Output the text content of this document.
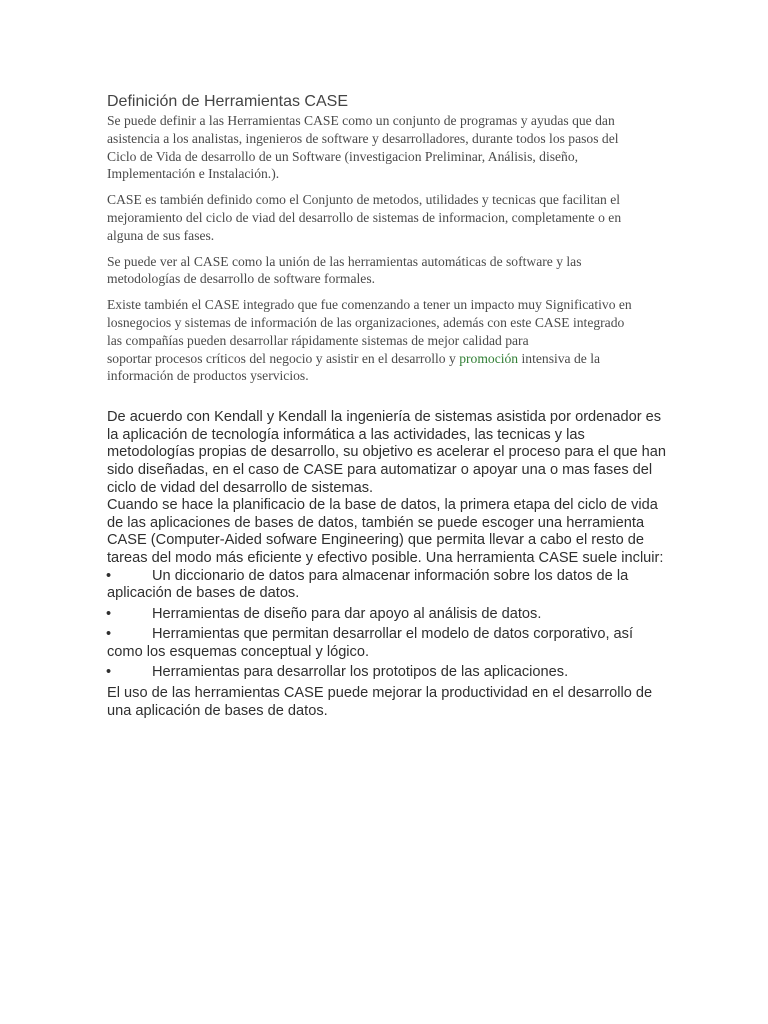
Definición de Herramientas CASE

Se puede definir a las Herramientas CASE como un conjunto de programas y ayudas que dan
asistencia a los analistas, ingenieros de software y desarrolladores, durante todos los pasos del
Ciclo de Vida de desarrollo de un Software (investigacion Preliminar, Análisis, diseño,
Implementación e Instalación.).

CASE es también definido como el Conjunto de metodos, utilidades y tecnicas que facilitan el
mejoramiento del ciclo de viad del desarrollo de sistemas de informacion, completamente o en
alguna de sus fases.

Se puede ver al CASE como la unión de las herramientas automáticas de software y las
metodologías de desarrollo de software formales.

Existe también el CASE integrado que fue comenzando a tener un impacto muy Significativo en
losnegocios y sistemas de información de las organizaciones, además con este CASE integrado
las compañías pueden desarrollar rápidamente sistemas de mejor calidad para
soportar procesos críticos del negocio y asistir en el desarrollo y promoción intensiva de la
información de productos yservicios.

De acuerdo con Kendall y Kendall la ingeniería de sistemas asistida por ordenador es
la aplicación de tecnología informática a las actividades, las tecnicas y las
metodologías propias de desarrollo, su objetivo es acelerar el proceso para el que han
sido diseñadas, en el caso de CASE para automatizar o apoyar una o mas fases del
ciclo de vidad del desarrollo de sistemas.

Cuando se hace la planificacio de la base de datos, la primera etapa del ciclo de vida
de las aplicaciones de bases de datos, también se puede escoger una herramienta
CASE (Computer-Aided sofware Engineering) que permita llevar a cabo el resto de
tareas del modo más eficiente y efectivo posible. Una herramienta CASE suele incluir:

•	Un diccionario de datos para almacenar información sobre los datos de la
aplicación de bases de datos.
•	Herramientas de diseño para dar apoyo al análisis de datos.
•	Herramientas que permitan desarrollar el modelo de datos corporativo, así
como los esquemas conceptual y lógico.
•	Herramientas para desarrollar los prototipos de las aplicaciones.

El uso de las herramientas CASE puede mejorar la productividad en el desarrollo de
una aplicación de bases de datos.
